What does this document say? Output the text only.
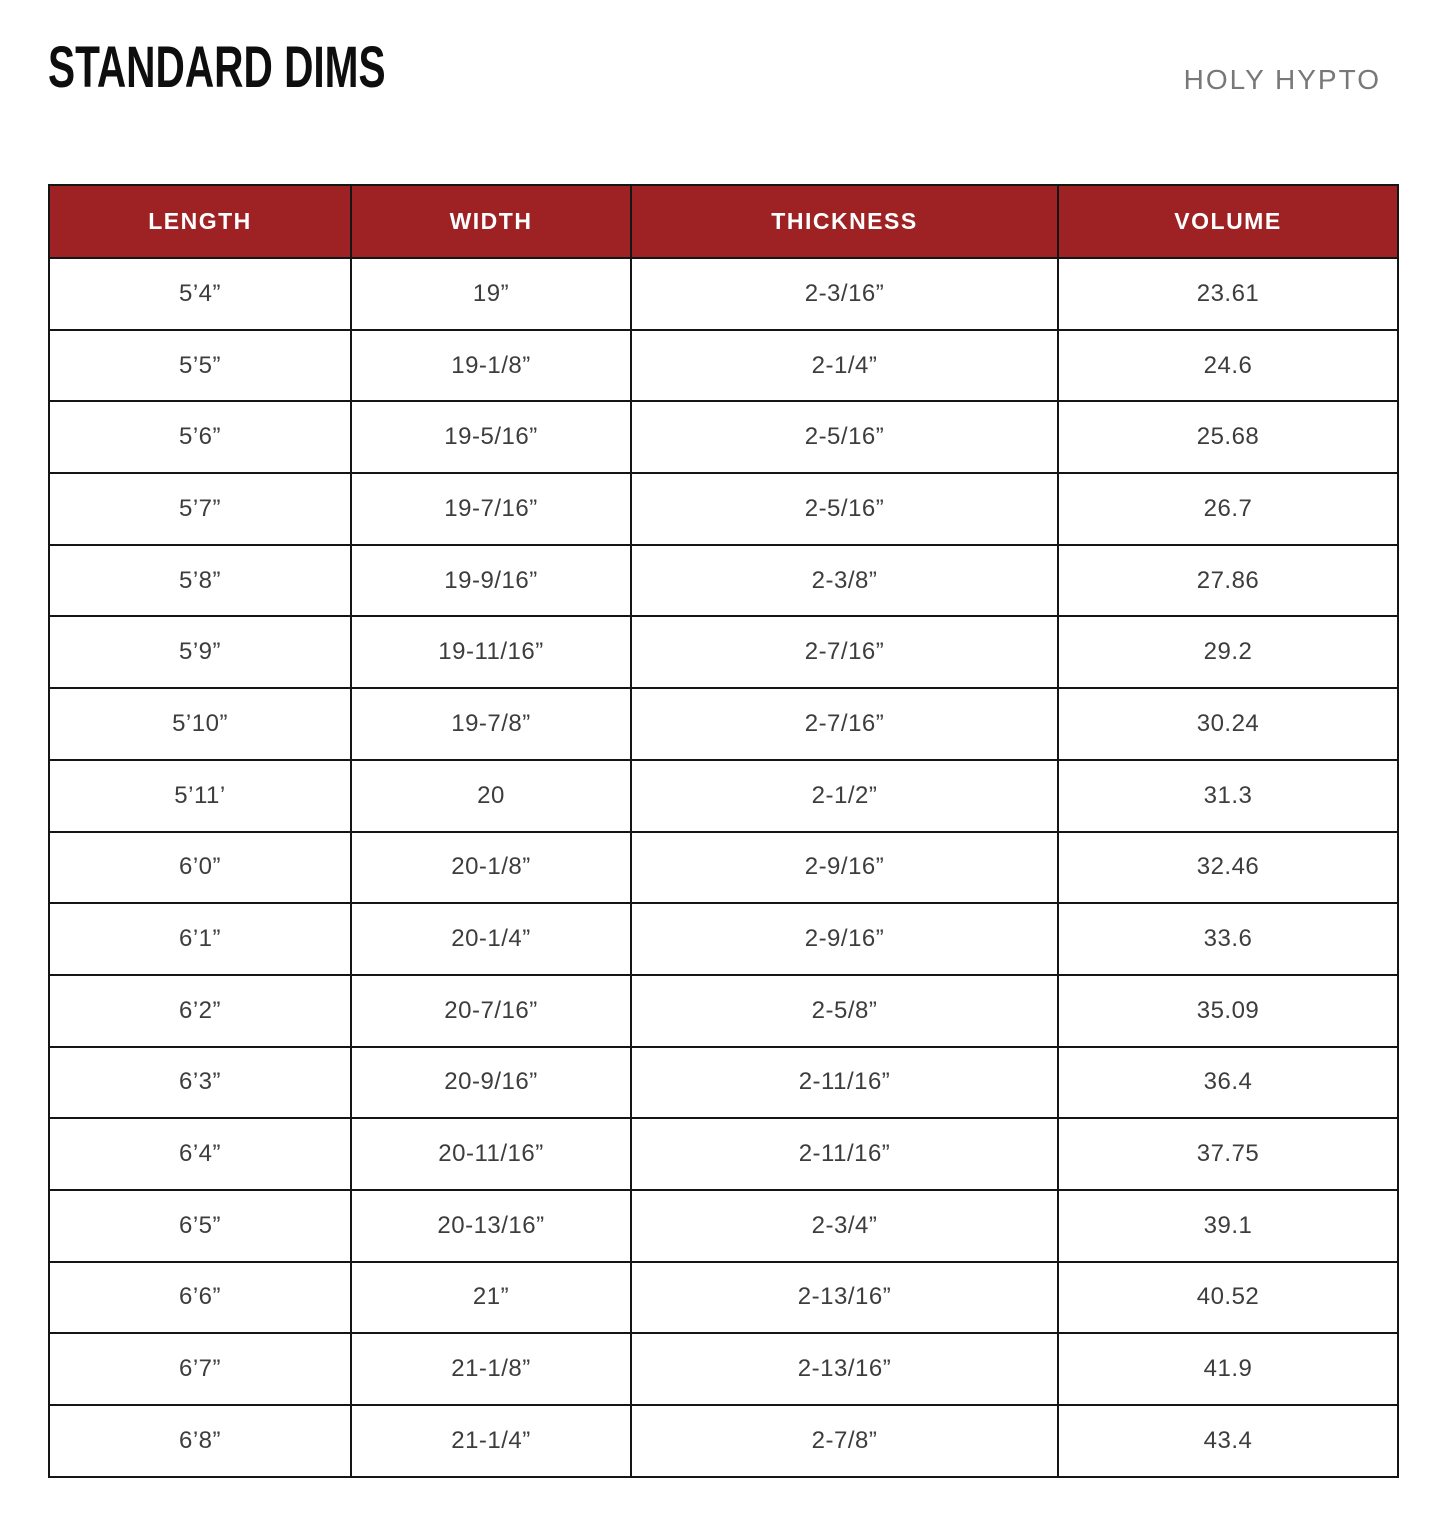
STANDARD DIMS	HOLY HYPTO
LENGTH	WIDTH	THICKNESS	VOLUME
5’4”	19”	2-3/16”	23.61
5’5”	19-1/8”	2-1/4”	24.6
5’6”	19-5/16”	2-5/16”	25.68
5’7”	19-7/16”	2-5/16”	26.7
5’8”	19-9/16”	2-3/8”	27.86
5’9”	19-11/16”	2-7/16”	29.2
5’10”	19-7/8”	2-7/16”	30.24
5’11’	20	2-1/2”	31.3
6’0”	20-1/8”	2-9/16”	32.46
6’1”	20-1/4”	2-9/16”	33.6
6’2”	20-7/16”	2-5/8”	35.09
6’3”	20-9/16”	2-11/16”	36.4
6’4”	20-11/16”	2-11/16”	37.75
6’5”	20-13/16”	2-3/4”	39.1
6’6”	21”	2-13/16”	40.52
6’7”	21-1/8”	2-13/16”	41.9
6’8”	21-1/4”	2-7/8”	43.4
